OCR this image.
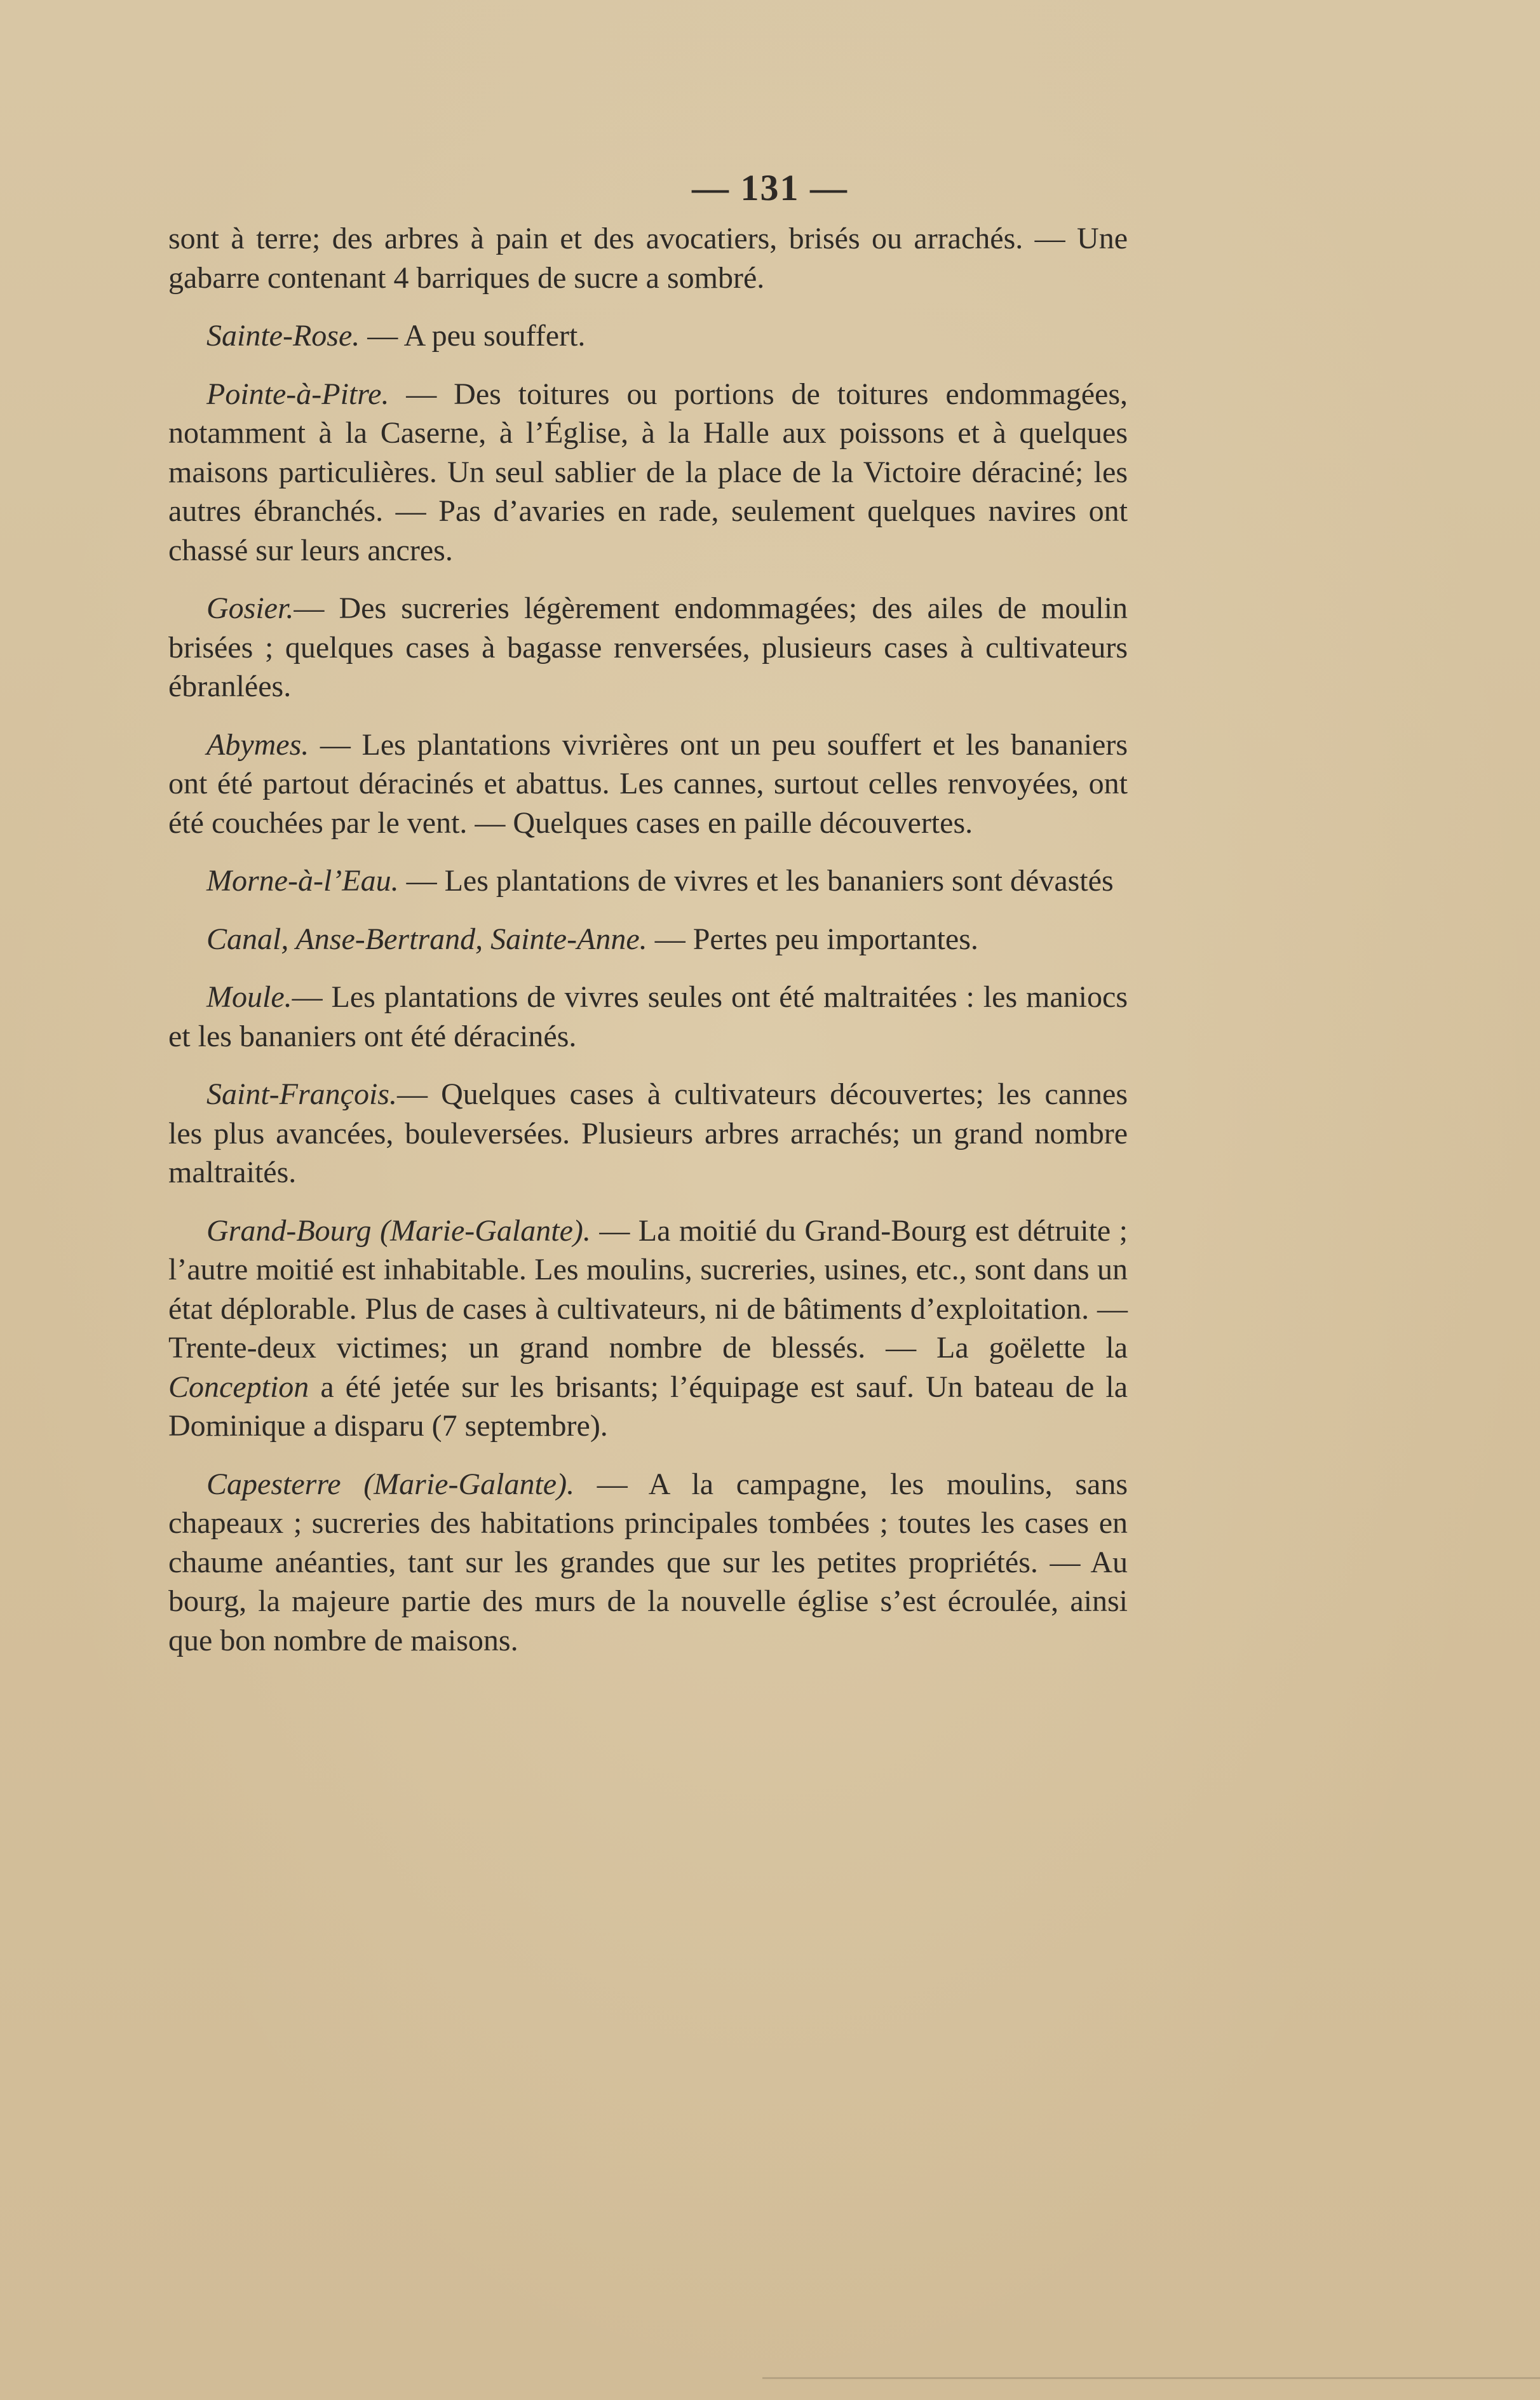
— 131 —

sont à terre; des arbres à pain et des avocatiers, brisés ou arrachés. — Une gabarre contenant 4 barriques de sucre a sombré.

Sainte-Rose. — A peu souffert.

Pointe-à-Pitre. — Des toitures ou portions de toitures endommagées, notamment à la Caserne, à l’Église, à la Halle aux poissons et à quelques maisons particulières. Un seul sablier de la place de la Victoire déraciné; les autres ébranchés. — Pas d’avaries en rade, seulement quelques navires ont chassé sur leurs ancres.

Gosier.— Des sucreries légèrement endommagées; des ailes de moulin brisées ; quelques cases à bagasse renversées, plusieurs cases à cultivateurs ébranlées.

Abymes. — Les plantations vivrières ont un peu souffert et les bananiers ont été partout déracinés et abattus. Les cannes, surtout celles renvoyées, ont été couchées par le vent. — Quelques cases en paille découvertes.

Morne-à-l’Eau. — Les plantations de vivres et les bananiers sont dévastés

Canal, Anse-Bertrand, Sainte-Anne. — Pertes peu importantes.

Moule.— Les plantations de vivres seules ont été maltraitées : les maniocs et les bananiers ont été déracinés.

Saint-François.— Quelques cases à cultivateurs découvertes; les cannes les plus avancées, bouleversées. Plusieurs arbres arrachés; un grand nombre maltraités.

Grand-Bourg (Marie-Galante). — La moitié du Grand-Bourg est détruite ; l’autre moitié est inhabitable. Les moulins, sucreries, usines, etc., sont dans un état déplorable. Plus de cases à cultivateurs, ni de bâtiments d’exploitation. — Trente-deux victimes; un grand nombre de blessés. — La goëlette la Conception a été jetée sur les brisants; l’équipage est sauf. Un bateau de la Dominique a disparu (7 septembre).

Capesterre (Marie-Galante). — A la campagne, les moulins, sans chapeaux ; sucreries des habitations principales tombées ; toutes les cases en chaume anéanties, tant sur les grandes que sur les petites propriétés. — Au bourg, la majeure partie des murs de la nouvelle église s’est écroulée, ainsi que bon nombre de maisons.
